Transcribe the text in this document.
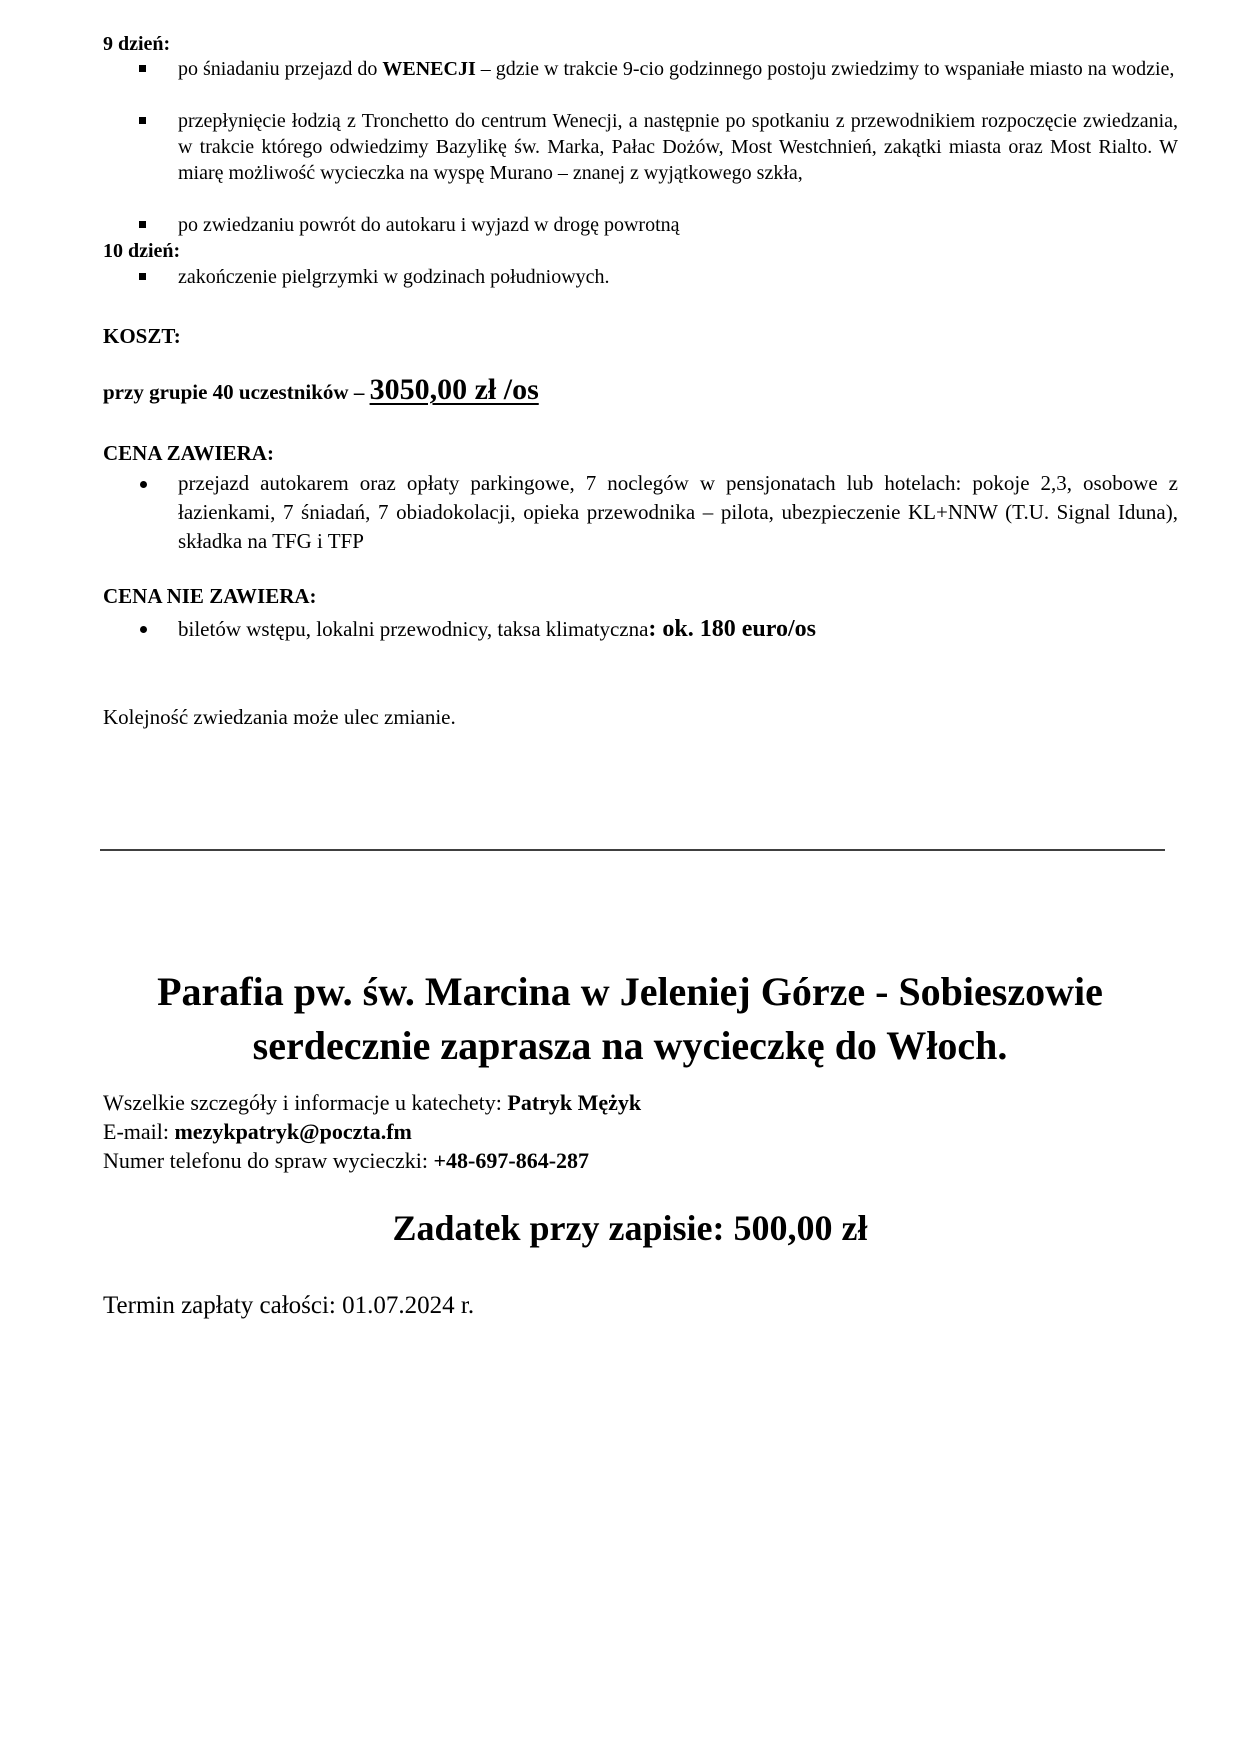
9 dzień:
po śniadaniu przejazd do WENECJI – gdzie w trakcie 9-cio godzinnego postoju zwiedzimy to wspaniałe miasto na wodzie,
przepłynięcie łodzią z Tronchetto do centrum Wenecji, a następnie po spotkaniu z przewodnikiem rozpoczęcie zwiedzania, w trakcie którego odwiedzimy Bazylikę św. Marka, Pałac Dożów, Most Westchnień, zakątki miasta oraz Most Rialto. W miarę możliwość wycieczka na wyspę Murano – znanej z wyjątkowego szkła,
po zwiedzaniu powrót do autokaru i wyjazd w drogę powrotną
10 dzień:
zakończenie pielgrzymki w godzinach południowych.
KOSZT:
przy grupie 40 uczestników – 3050,00 zł /os
CENA ZAWIERA:
przejazd autokarem oraz opłaty parkingowe, 7 noclegów w pensjonatach lub hotelach: pokoje 2,3, osobowe z łazienkami, 7 śniadań, 7 obiadokolacji, opieka przewodnika – pilota, ubezpieczenie KL+NNW (T.U. Signal Iduna), składka na TFG i TFP
CENA NIE ZAWIERA:
biletów wstępu, lokalni przewodnicy, taksa klimatyczna: ok. 180 euro/os
Kolejność zwiedzania może ulec zmianie.
Parafia pw. św. Marcina w Jeleniej Górze - Sobieszowie
serdecznie zaprasza na wycieczkę do Włoch.
Wszelkie szczegóły i informacje u katechety: Patryk Mężyk
E-mail: mezykpatryk@poczta.fm
Numer telefonu do spraw wycieczki: +48-697-864-287
Zadatek przy zapisie: 500,00 zł
Termin zapłaty całości: 01.07.2024 r.
